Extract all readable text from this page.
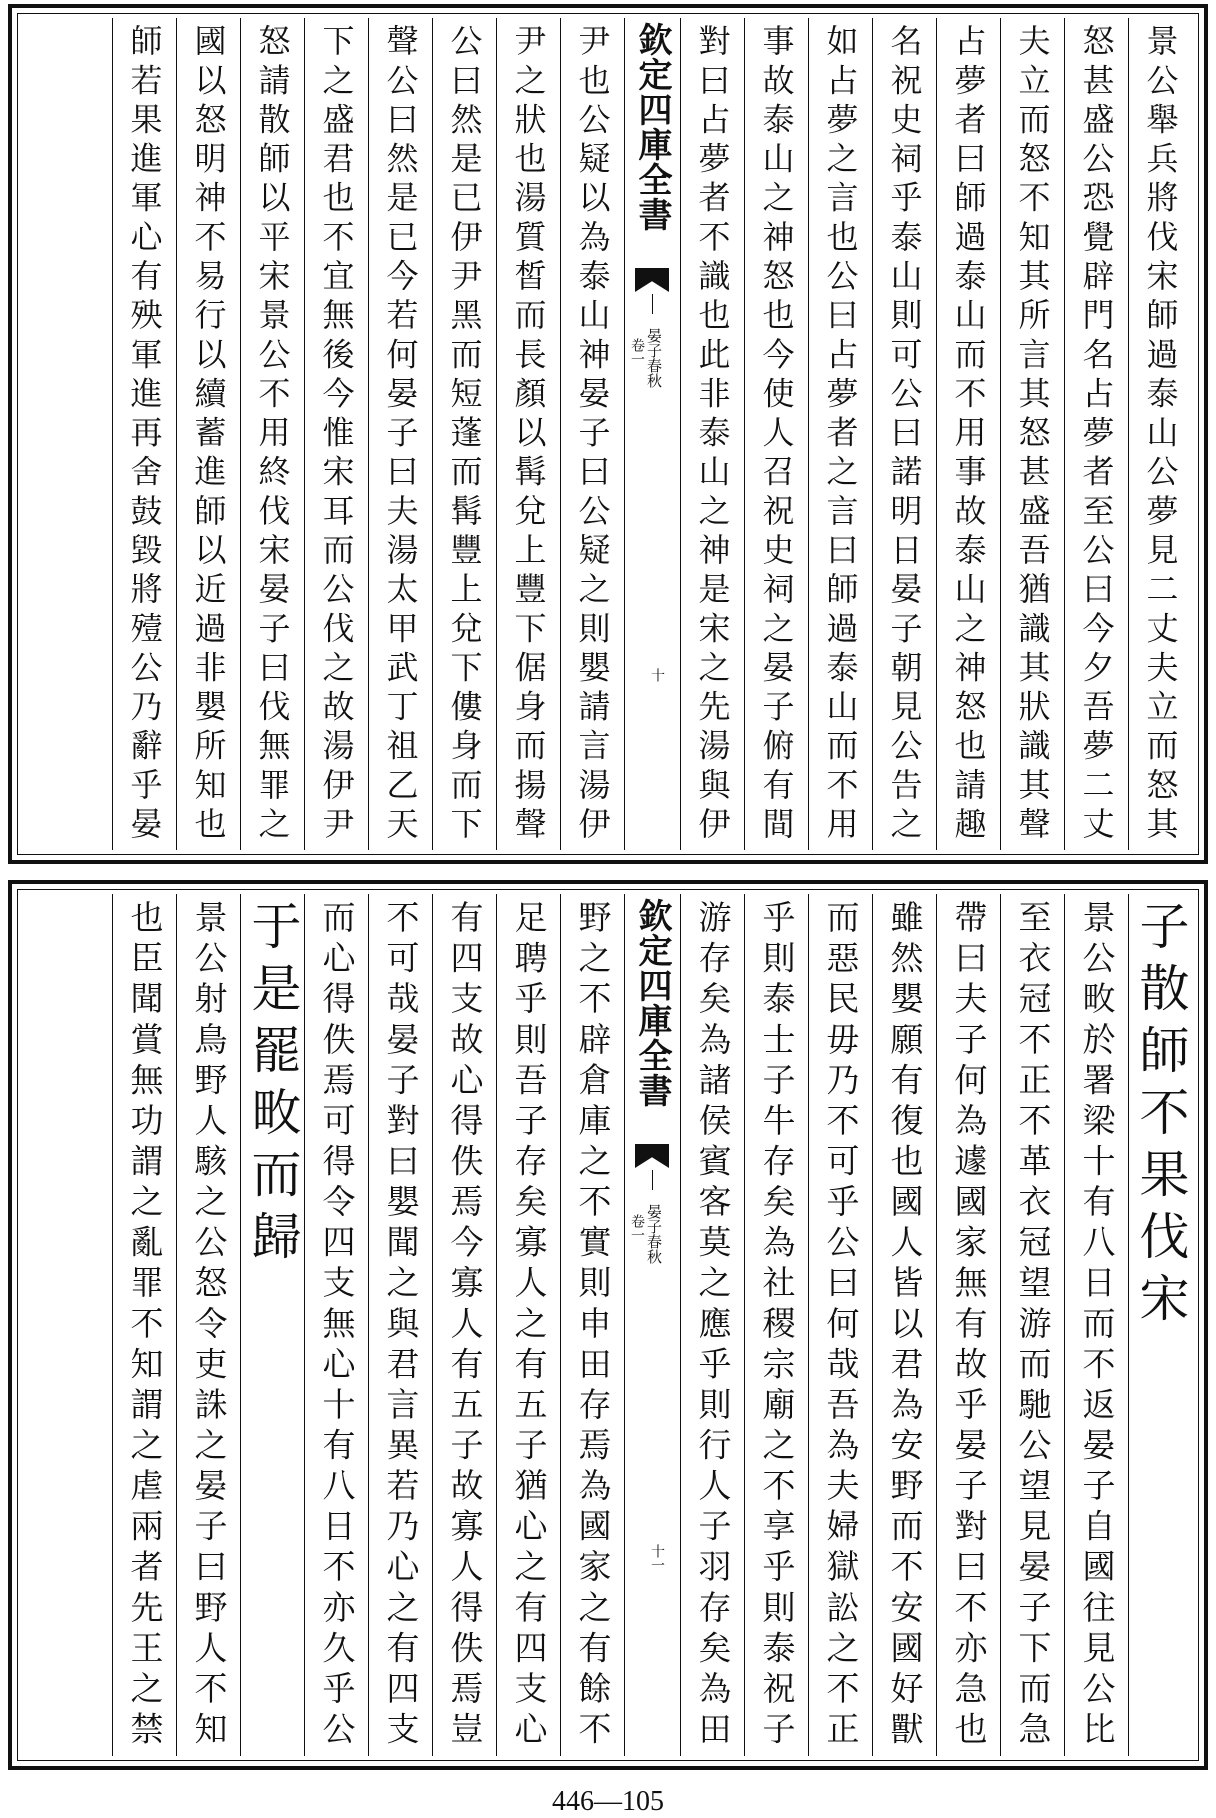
景公舉兵將伐宋師過泰山公夢見二丈夫立而怒其
怒甚盛公恐覺辟門名占夢者至公曰今夕吾夢二丈
夫立而怒不知其所言其怒甚盛吾猶識其狀識其聲
占夢者曰師過泰山而不用事故泰山之神怒也請趣
名祝史祠乎泰山則可公曰諾明日晏子朝見公告之
如占夢之言也公曰占夢者之言曰師過泰山而不用
事故泰山之神怒也今使人召祝史祠之晏子俯有間
對曰占夢者不識也此非泰山之神是宋之先湯與伊
欽定四庫全書
晏子春秋
卷一
十
尹也公疑以為泰山神晏子曰公疑之則嬰請言湯伊
尹之狀也湯質皙而長顏以髯兌上豐下倨身而揚聲
公曰然是已伊尹黑而短蓬而髯豐上兌下僂身而下
聲公曰然是已今若何晏子曰夫湯太甲武丁祖乙天
下之盛君也不宜無後今惟宋耳而公伐之故湯伊尹
怒請散師以平宋景公不用終伐宋晏子曰伐無罪之
國以怒明神不易行以續蓄進師以近過非嬰所知也
師若果進軍心有殃軍進再舍鼓毀將殪公乃辭乎晏
子散師不果伐宋
景公畋於署梁十有八日而不返晏子自國往見公比
至衣冠不正不革衣冠望游而馳公望見晏子下而急
帶曰夫子何為遽國家無有故乎晏子對曰不亦急也
雖然嬰願有復也國人皆以君為安野而不安國好獸
而惡民毋乃不可乎公曰何哉吾為夫婦獄訟之不正
乎則泰士子牛存矣為社稷宗廟之不享乎則泰祝子
游存矣為諸侯賓客莫之應乎則行人子羽存矣為田
欽定四庫全書
晏子春秋
卷一
十一
野之不辟倉庫之不實則申田存焉為國家之有餘不
足聘乎則吾子存矣寡人之有五子猶心之有四支心
有四支故心得佚焉今寡人有五子故寡人得佚焉豈
不可哉晏子對曰嬰聞之與君言異若乃心之有四支
而心得佚焉可得令四支無心十有八日不亦久乎公
于是罷畋而歸
景公射鳥野人駭之公怒令吏誅之晏子曰野人不知
也臣聞賞無功謂之亂罪不知謂之虐兩者先王之禁
446—105
